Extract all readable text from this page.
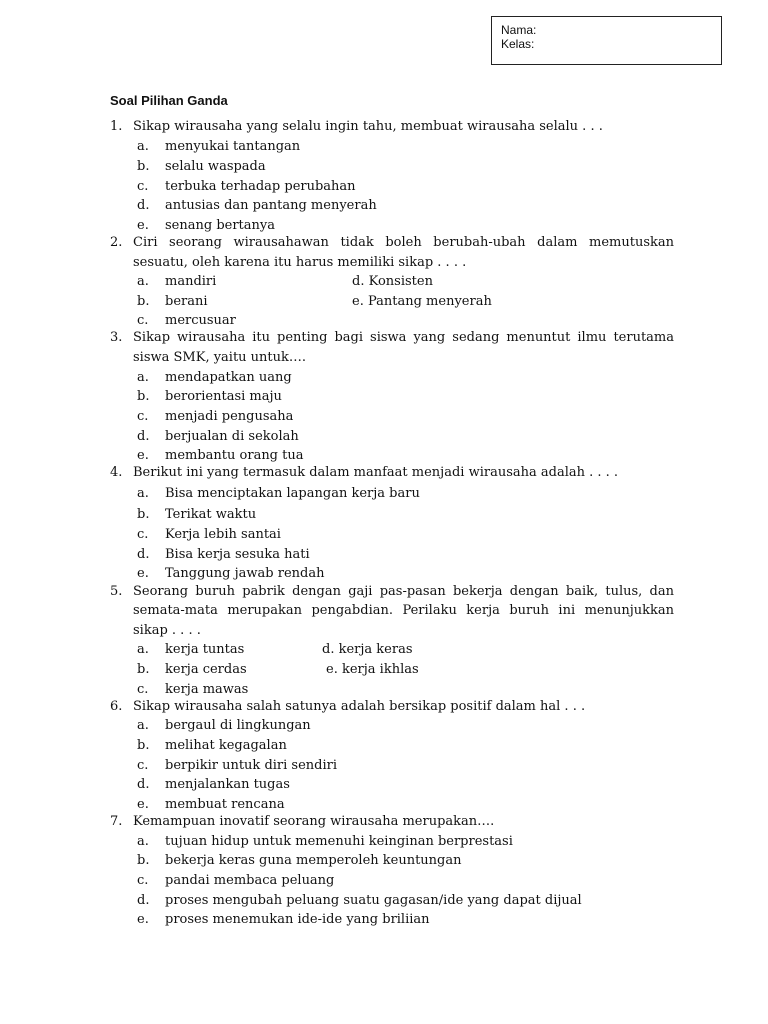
Nama:
Kelas:
Soal Pilihan Ganda
1. Sikap wirausaha yang selalu ingin tahu, membuat wirausaha selalu . . .
a. menyukai tantangan
b. selalu waspada
c. terbuka terhadap perubahan
d. antusias dan pantang menyerah
e. senang bertanya
2. Ciri seorang wirausahawan tidak boleh berubah-ubah dalam memutuskan
sesuatu, oleh karena itu harus memiliki sikap . . . .
a. mandiri	d. Konsisten
b. berani	e. Pantang menyerah
c. mercusuar
3. Sikap wirausaha itu penting bagi siswa yang sedang menuntut ilmu terutama
siswa SMK, yaitu untuk….
a. mendapatkan uang
b. berorientasi maju
c. menjadi pengusaha
d. berjualan di sekolah
e. membantu orang tua
4. Berikut ini yang termasuk dalam manfaat menjadi wirausaha adalah . . . .
a. Bisa menciptakan lapangan kerja baru
b. Terikat waktu
c. Kerja lebih santai
d. Bisa kerja sesuka hati
e. Tanggung jawab rendah
5. Seorang buruh pabrik dengan gaji pas-pasan bekerja dengan baik, tulus, dan
semata-mata merupakan pengabdian. Perilaku kerja buruh ini menunjukkan
sikap . . . .
a. kerja tuntas	d. kerja keras
b. kerja cerdas	e. kerja ikhlas
c. kerja mawas
6. Sikap wirausaha salah satunya adalah bersikap positif dalam hal . . .
a. bergaul di lingkungan
b. melihat kegagalan
c. berpikir untuk diri sendiri
d. menjalankan tugas
e. membuat rencana
7. Kemampuan inovatif seorang wirausaha merupakan….
a. tujuan hidup untuk memenuhi keinginan berprestasi
b. bekerja keras guna memperoleh keuntungan
c. pandai membaca peluang
d. proses mengubah peluang suatu gagasan/ide yang dapat dijual
e. proses menemukan ide-ide yang briliian
